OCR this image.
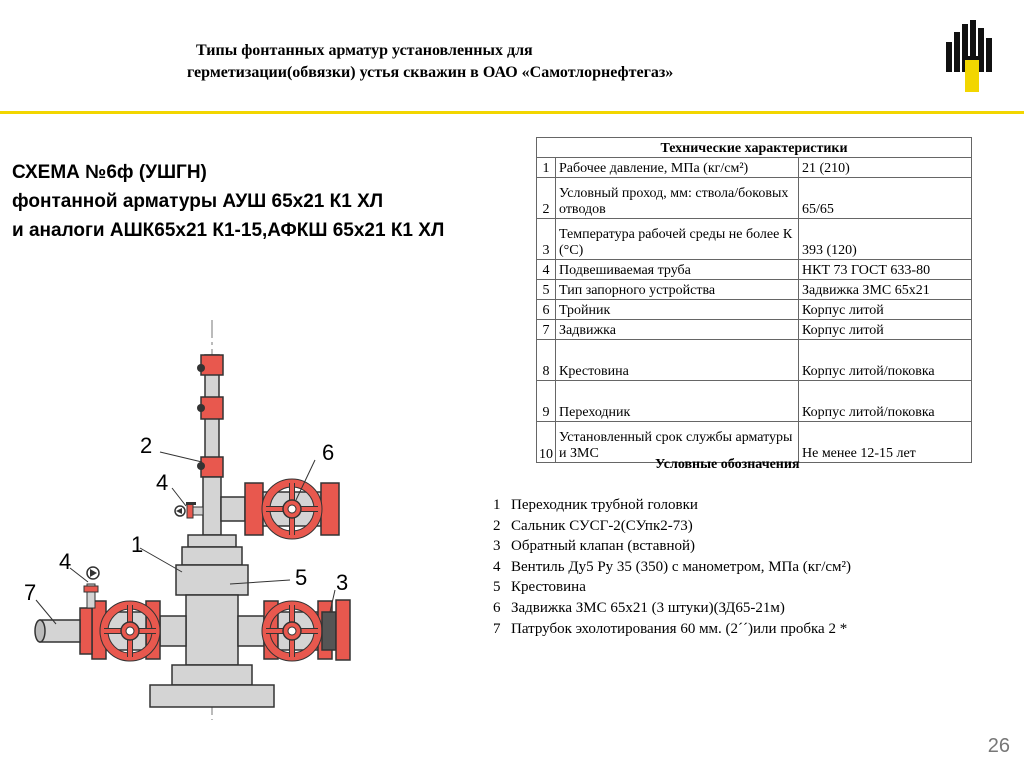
Типы фонтанных арматур установленных для
герметизации(обвязки) устья скважин в ОАО «Самотлорнефтегаз»
СХЕМА №6ф (УШГН)
фонтанной арматуры АУШ 65х21 К1 ХЛ
и аналоги АШК65х21 К1-15,АФКШ 65х21 К1 ХЛ
Технические характеристики		
1	Рабочее давление, МПа (кг/см²)	21 (210)
2	Условный проход, мм: ствола/боковых отводов	65/65
3	Температура рабочей среды не более К (°С)	393 (120)
4	Подвешиваемая труба	НКТ 73 ГОСТ 633-80
5	Тип запорного устройства	Задвижка ЗМС 65х21
6	Тройник	Корпус литой
7	Задвижка	Корпус литой
8	Крестовина	Корпус литой/поковка
9	Переходник	Корпус литой/поковка
10	Установленный срок службы арматуры и ЗМС	Не менее 12-15 лет
Условные обозначения
1 Переходник трубной головки
2 Сальник СУСГ-2(СУпк2-73)
3 Обратный клапан (вставной)
4 Вентиль Ду5 Ру 35 (350) с манометром, МПа (кг/см²)
5 Крестовина
6 Задвижка ЗМС 65х21 (3 штуки)(ЗД65-21м)
7 Патрубок эхолотирования 60 мм. (2´´)или пробка 2 *
2	6
4
1
4
5 3
7
26
